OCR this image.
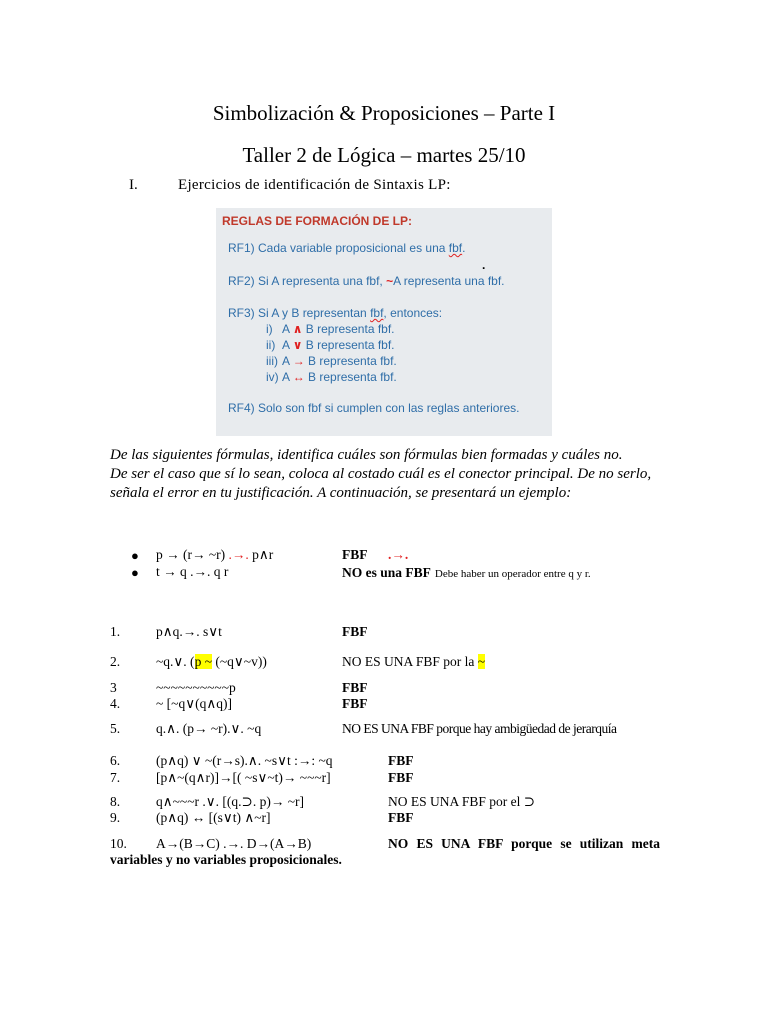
Simbolización & Proposiciones – Parte I
Taller 2 de Lógica – martes 25/10
I.	Ejercicios de identificación de Sintaxis LP:
REGLAS DE FORMACIÓN DE LP:
RF1) Cada variable proposicional es una fbf.
.
RF2) Si A representa una fbf, ~A representa una fbf.
RF3) Si A y B representan fbf, entonces:
i) A ∧ B representa fbf.
ii) A ∨ B representa fbf.
iii) A → B representa fbf.
iv) A ↔ B representa fbf.
RF4) Solo son fbf si cumplen con las reglas anteriores.
De las siguientes fórmulas, identifica cuáles son fórmulas bien formadas y cuáles no.
De ser el caso que sí lo sean, coloca al costado cuál es el conector principal. De no serlo,
señala el error en tu justificación. A continuación, se presentará un ejemplo:
● p → (r→ ~r) .→. p∧r	FBF .→.
● t → q .→. q r	NO es una FBF Debe haber un operador entre q y r.
1.	p∧q.→. s∨t	FBF
2.	~q.∨. (p ~ (~q∨~v))	NO ES UNA FBF por la ~
3	~~~~~~~~~~p	FBF
4.	~ [~q∨(q∧q)]	FBF
5.	q.∧. (p→ ~r).∨. ~q	NO ES UNA FBF porque hay ambigüedad de jerarquía
6.	(p∧q) ∨ ~(r→s).∧. ~s∨t :→: ~q	FBF
7.	[p∧~(q∧r)]→[( ~s∨~t)→ ~~~r]	FBF
8.	q∧~~~r .∨. [(q.⊃. p)→ ~r]	NO ES UNA FBF por el ⊃
9.	(p∧q) ↔ [(s∨t) ∧~r]	FBF
10. A→(B→C) .→. D→(A→B)	NO ES UNA FBF porque se utilizan meta
variables y no variables proposicionales.
